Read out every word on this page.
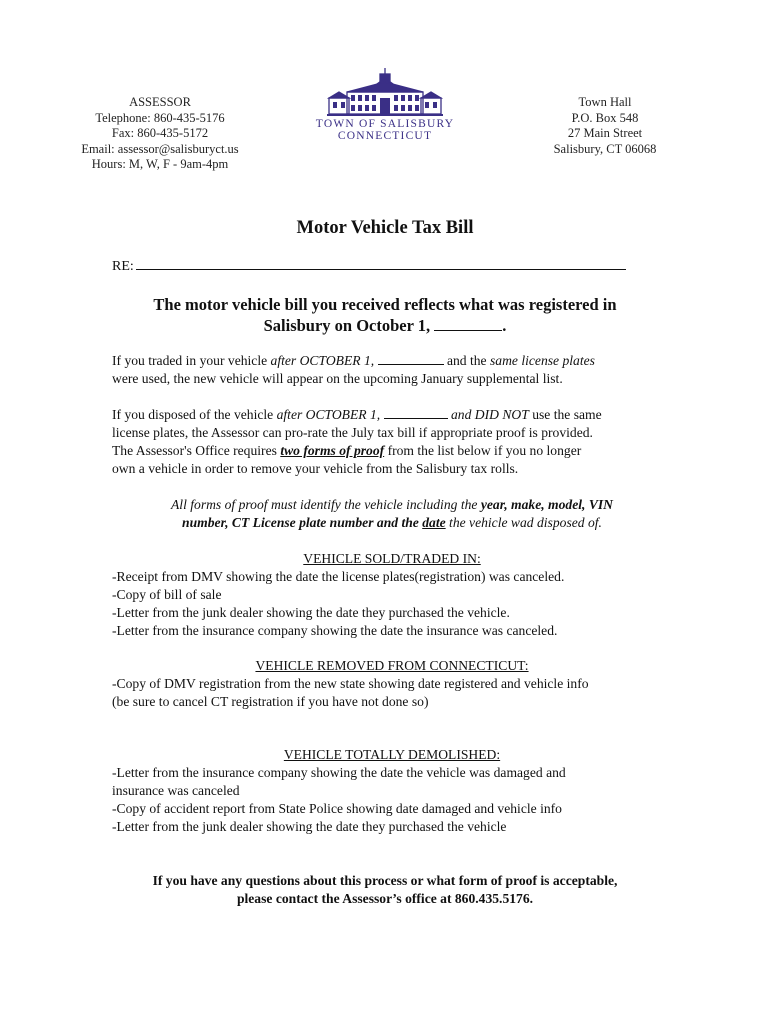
ASSESSOR
Telephone: 860-435-5176
Fax: 860-435-5172
Email: assessor@salisburyct.us
Hours: M, W, F - 9am-4pm
TOWN OF SALISBURY
CONNECTICUT
Town Hall
P.O. Box 548
27 Main Street
Salisbury, CT 06068
Motor Vehicle Tax Bill
RE:
The motor vehicle bill you received reflects what was registered in
Salisbury on October 1,	.
If you traded in your vehicle after OCTOBER 1,	and the same license plates
were used, the new vehicle will appear on the upcoming January supplemental list.
If you disposed of the vehicle after OCTOBER 1,	and DID NOT use the same
license plates, the Assessor can pro-rate the July tax bill if appropriate proof is provided.
The Assessor's Office requires two forms of proof from the list below if you no longer
own a vehicle in order to remove your vehicle from the Salisbury tax rolls.
All forms of proof must identify the vehicle including the year, make, model, VIN
number, CT License plate number and the date the vehicle wad disposed of.
VEHICLE SOLD/TRADED IN:
-Receipt from DMV showing the date the license plates(registration) was canceled.
-Copy of bill of sale
-Letter from the junk dealer showing the date they purchased the vehicle.
-Letter from the insurance company showing the date the insurance was canceled.
VEHICLE REMOVED FROM CONNECTICUT:
-Copy of DMV registration from the new state showing date registered and vehicle info
(be sure to cancel CT registration if you have not done so)
VEHICLE TOTALLY DEMOLISHED:
-Letter from the insurance company showing the date the vehicle was damaged and
insurance was canceled
-Copy of accident report from State Police showing date damaged and vehicle info
-Letter from the junk dealer showing the date they purchased the vehicle
If you have any questions about this process or what form of proof is acceptable,
please contact the Assessor’s office at 860.435.5176.
